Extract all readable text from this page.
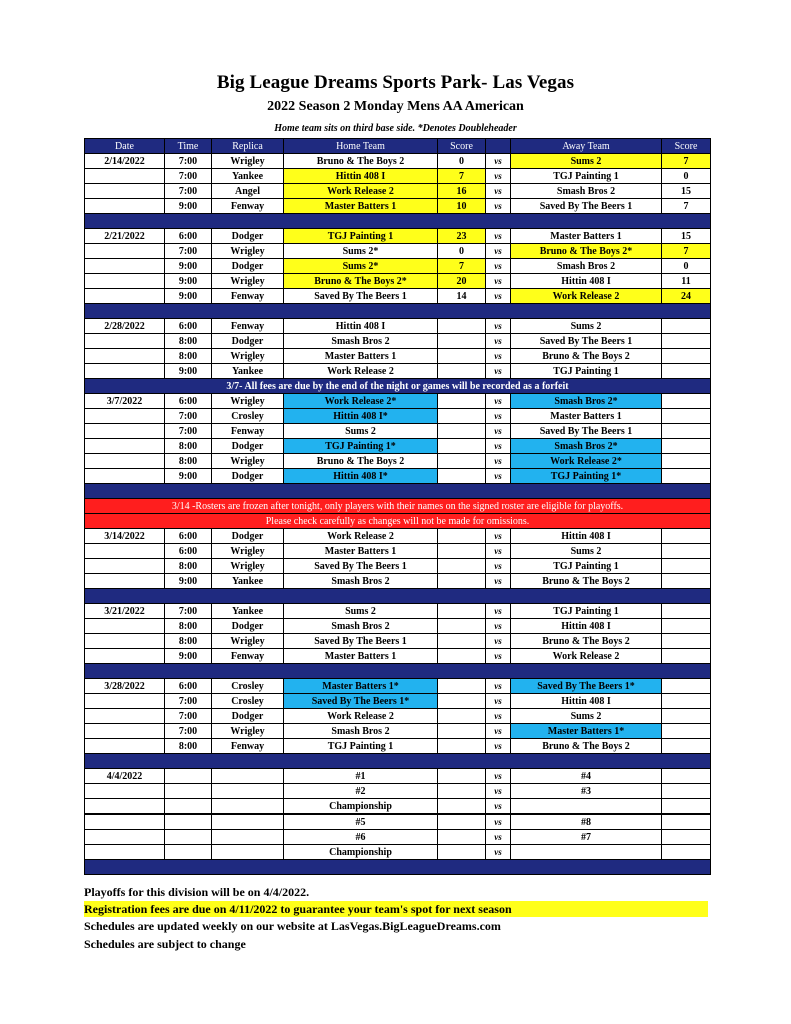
Big League Dreams Sports Park- Las Vegas
2022 Season 2 Monday Mens AA American
Home team sits on third base side. *Denotes Doubleheader
Date	Time	Replica	Home Team	Score		Away Team	Score
2/14/2022	7:00	Wrigley	Bruno & The Boys 2	0	vs	Sums 2	7
	7:00	Yankee	Hittin 408 I	7	vs	TGJ Painting 1	0
	7:00	Angel	Work Release 2	16	vs	Smash Bros 2	15
	9:00	Fenway	Master Batters 1	10	vs	Saved By The Beers 1	7

2/21/2022	6:00	Dodger	TGJ Painting 1	23	vs	Master Batters 1	15
	7:00	Wrigley	Sums 2*	0	vs	Bruno & The Boys 2*	7
	9:00	Dodger	Sums 2*	7	vs	Smash Bros 2	0
	9:00	Wrigley	Bruno & The Boys 2*	20	vs	Hittin 408 I	11
	9:00	Fenway	Saved By The Beers 1	14	vs	Work Release 2	24

2/28/2022	6:00	Fenway	Hittin 408 I		vs	Sums 2	
	8:00	Dodger	Smash Bros 2		vs	Saved By The Beers 1	
	8:00	Wrigley	Master Batters 1		vs	Bruno & The Boys 2	
	9:00	Yankee	Work Release 2		vs	TGJ Painting 1	
3/7- All fees are due by the end of the night or games will be recorded as a forfeit							
3/7/2022	6:00	Wrigley	Work Release 2*		vs	Smash Bros 2*	
	7:00	Crosley	Hittin 408 I*		vs	Master Batters 1	
	7:00	Fenway	Sums 2		vs	Saved By The Beers 1	
	8:00	Dodger	TGJ Painting 1*		vs	Smash Bros 2*	
	8:00	Wrigley	Bruno & The Boys 2		vs	Work Release 2*	
	9:00	Dodger	Hittin 408 I*		vs	TGJ Painting 1*	

3/14 -Rosters are frozen after tonight, only players with their names on the signed roster are eligible for playoffs.							
Please check carefully as changes will not be made for omissions.							
3/14/2022	6:00	Dodger	Work Release 2		vs	Hittin 408 I	
	6:00	Wrigley	Master Batters 1		vs	Sums 2	
	8:00	Wrigley	Saved By The Beers 1		vs	TGJ Painting 1	
	9:00	Yankee	Smash Bros 2		vs	Bruno & The Boys 2	

3/21/2022	7:00	Yankee	Sums 2		vs	TGJ Painting 1	
	8:00	Dodger	Smash Bros 2		vs	Hittin 408 I	
	8:00	Wrigley	Saved By The Beers 1		vs	Bruno & The Boys 2	
	9:00	Fenway	Master Batters 1		vs	Work Release 2	

3/28/2022	6:00	Crosley	Master Batters 1*		vs	Saved By The Beers 1*	
	7:00	Crosley	Saved By The Beers 1*		vs	Hittin 408 I	
	7:00	Dodger	Work Release 2		vs	Sums 2	
	7:00	Wrigley	Smash Bros 2		vs	Master Batters 1*	
	8:00	Fenway	TGJ Painting 1		vs	Bruno & The Boys 2	

4/4/2022			#1		vs	#4	
			#2		vs	#3	
			Championship		vs		
			#5		vs	#8	
			#6		vs	#7	
			Championship		vs		

Playoffs for this division will be on 4/4/2022.
Registration fees are due on 4/11/2022 to guarantee your team's spot for next season
Schedules are updated weekly on our website at LasVegas.BigLeagueDreams.com
Schedules are subject to change
